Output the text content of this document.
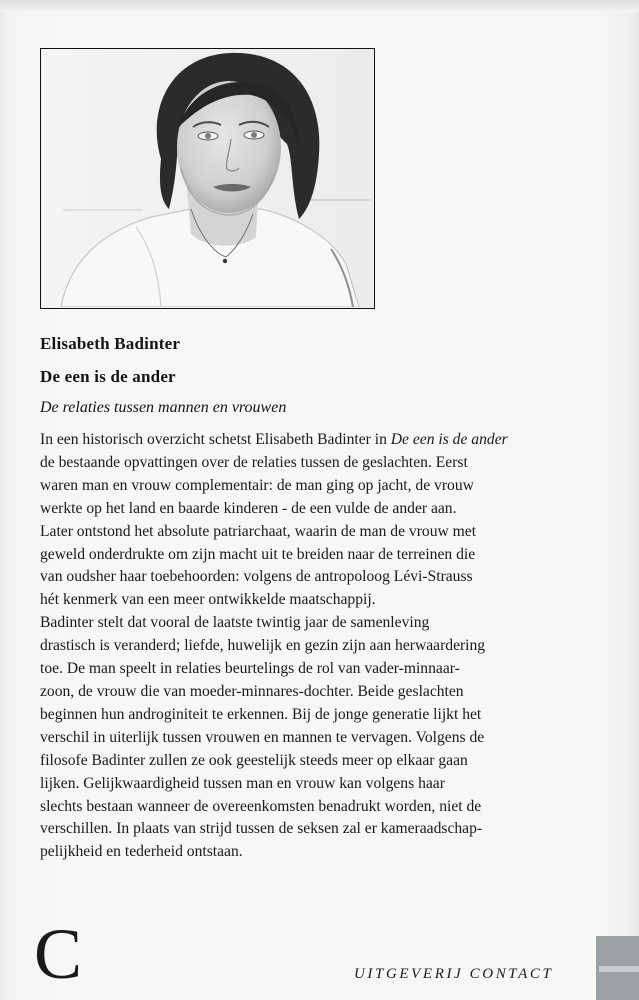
Elisabeth Badinter
De een is de ander
De relaties tussen mannen en vrouwen
In een historisch overzicht schetst Elisabeth Badinter in De een is de ander
de bestaande opvattingen over de relaties tussen de geslachten. Eerst
waren man en vrouw complementair: de man ging op jacht, de vrouw
werkte op het land en baarde kinderen - de een vulde de ander aan.
Later ontstond het absolute patriarchaat, waarin de man de vrouw met
geweld onderdrukte om zijn macht uit te breiden naar de terreinen die
van oudsher haar toebehoorden: volgens de antropoloog Lévi-Strauss
hét kenmerk van een meer ontwikkelde maatschappij.
Badinter stelt dat vooral de laatste twintig jaar de samenleving
drastisch is veranderd; liefde, huwelijk en gezin zijn aan herwaardering
toe. De man speelt in relaties beurtelings de rol van vader-minnaar-
zoon, de vrouw die van moeder-minnares-dochter. Beide geslachten
beginnen hun androginiteit te erkennen. Bij de jonge generatie lijkt het
verschil in uiterlijk tussen vrouwen en mannen te vervagen. Volgens de
filosofe Badinter zullen ze ook geestelijk steeds meer op elkaar gaan
lijken. Gelijkwaardigheid tussen man en vrouw kan volgens haar
slechts bestaan wanneer de overeenkomsten benadrukt worden, niet de
verschillen. In plaats van strijd tussen de seksen zal er kameraadschap-
pelijkheid en tederheid ontstaan.
C	UITGEVERIJ CONTACT
